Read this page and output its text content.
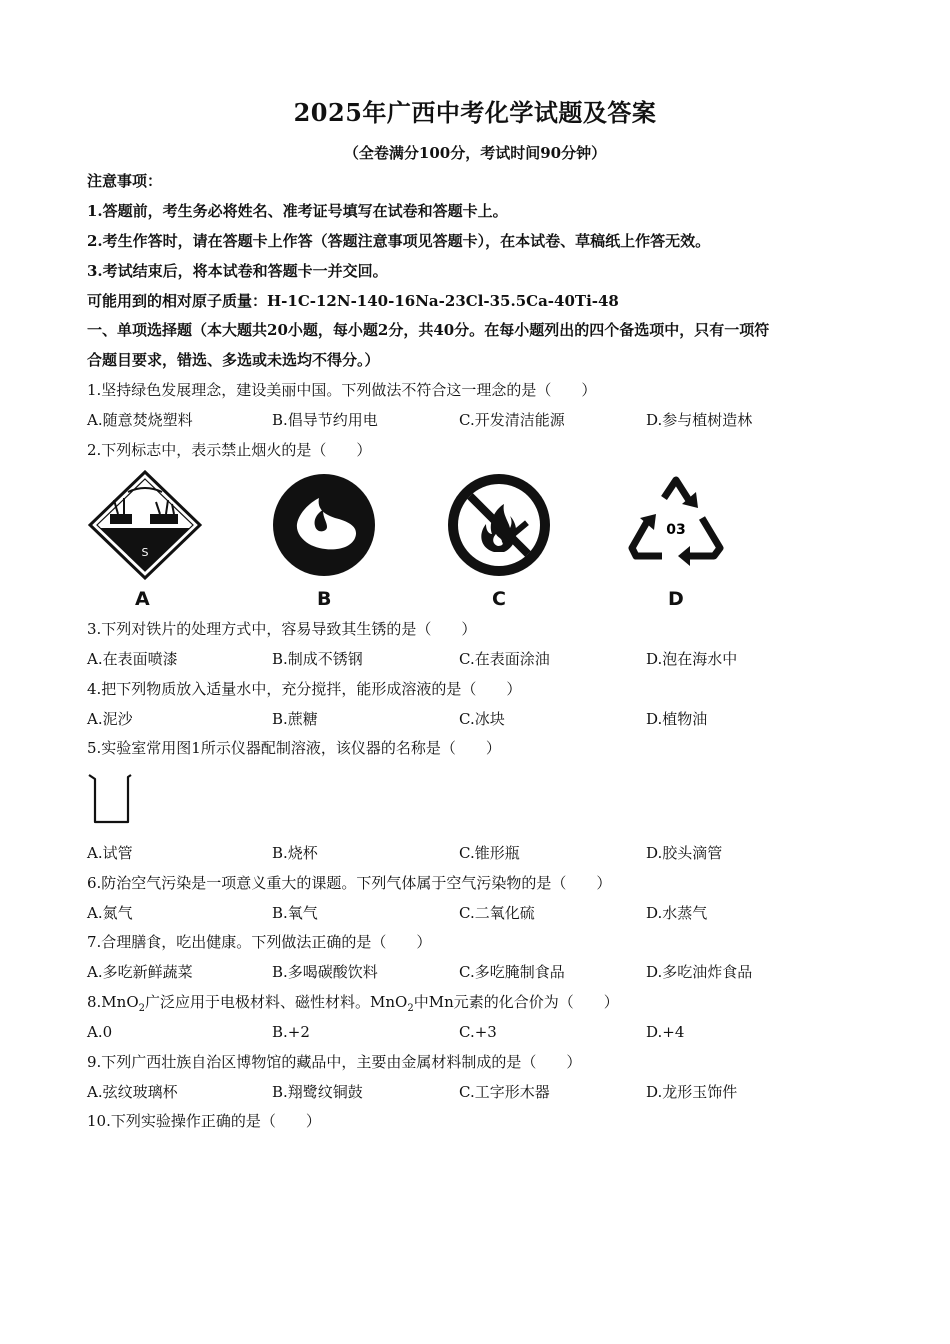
2025年广西中考化学试题及答案
（全卷满分100分，考试时间90分钟）
注意事项：
1.答题前，考生务必将姓名、准考证号填写在试卷和答题卡上。
2.考生作答时，请在答题卡上作答（答题注意事项见答题卡），在本试卷、草稿纸上作答无效。
3.考试结束后，将本试卷和答题卡一并交回。
可能用到的相对原子质量：H-1C-12N-140-16Na-23Cl-35.5Ca-40Ti-48
一、单项选择题（本大题共20小题，每小题2分，共40分。在每小题列出的四个备选项中，只有一项符
合题目要求，错选、多选或未选均不得分。）
1.坚持绿色发展理念，建设美丽中国。下列做法不符合这一理念的是（　　）
A.随意焚烧塑料	B.倡导节约用电	C.开发清洁能源	D.参与植树造林
2.下列标志中，表示禁止烟火的是（　　）
S
A	B	C
03
D
3.下列对铁片的处理方式中，容易导致其生锈的是（　　）
A.在表面喷漆	B.制成不锈钢	C.在表面涂油	D.泡在海水中
4.把下列物质放入适量水中，充分搅拌，能形成溶液的是（　　）
A.泥沙	B.蔗糖	C.冰块	D.植物油
5.实验室常用图1所示仪器配制溶液，该仪器的名称是（　　）
A.试管	B.烧杯	C.锥形瓶	D.胶头滴管
6.防治空气污染是一项意义重大的课题。下列气体属于空气污染物的是（　　）
A.氮气	B.氧气	C.二氧化硫	D.水蒸气
7.合理膳食，吃出健康。下列做法正确的是（　　）
A.多吃新鲜蔬菜	B.多喝碳酸饮料	C.多吃腌制食品	D.多吃油炸食品
8.MnO$_2$广泛应用于电极材料、磁性材料。MnO$_2$中Mn元素的化合价为（　　）
A.0	B.+2	C.+3	D.+4
9.下列广西壮族自治区博物馆的藏品中，主要由金属材料制成的是（　　）
A.弦纹玻璃杯	B.翔鹭纹铜鼓	C.工字形木器	D.龙形玉饰件
10.下列实验操作正确的是（　　）
